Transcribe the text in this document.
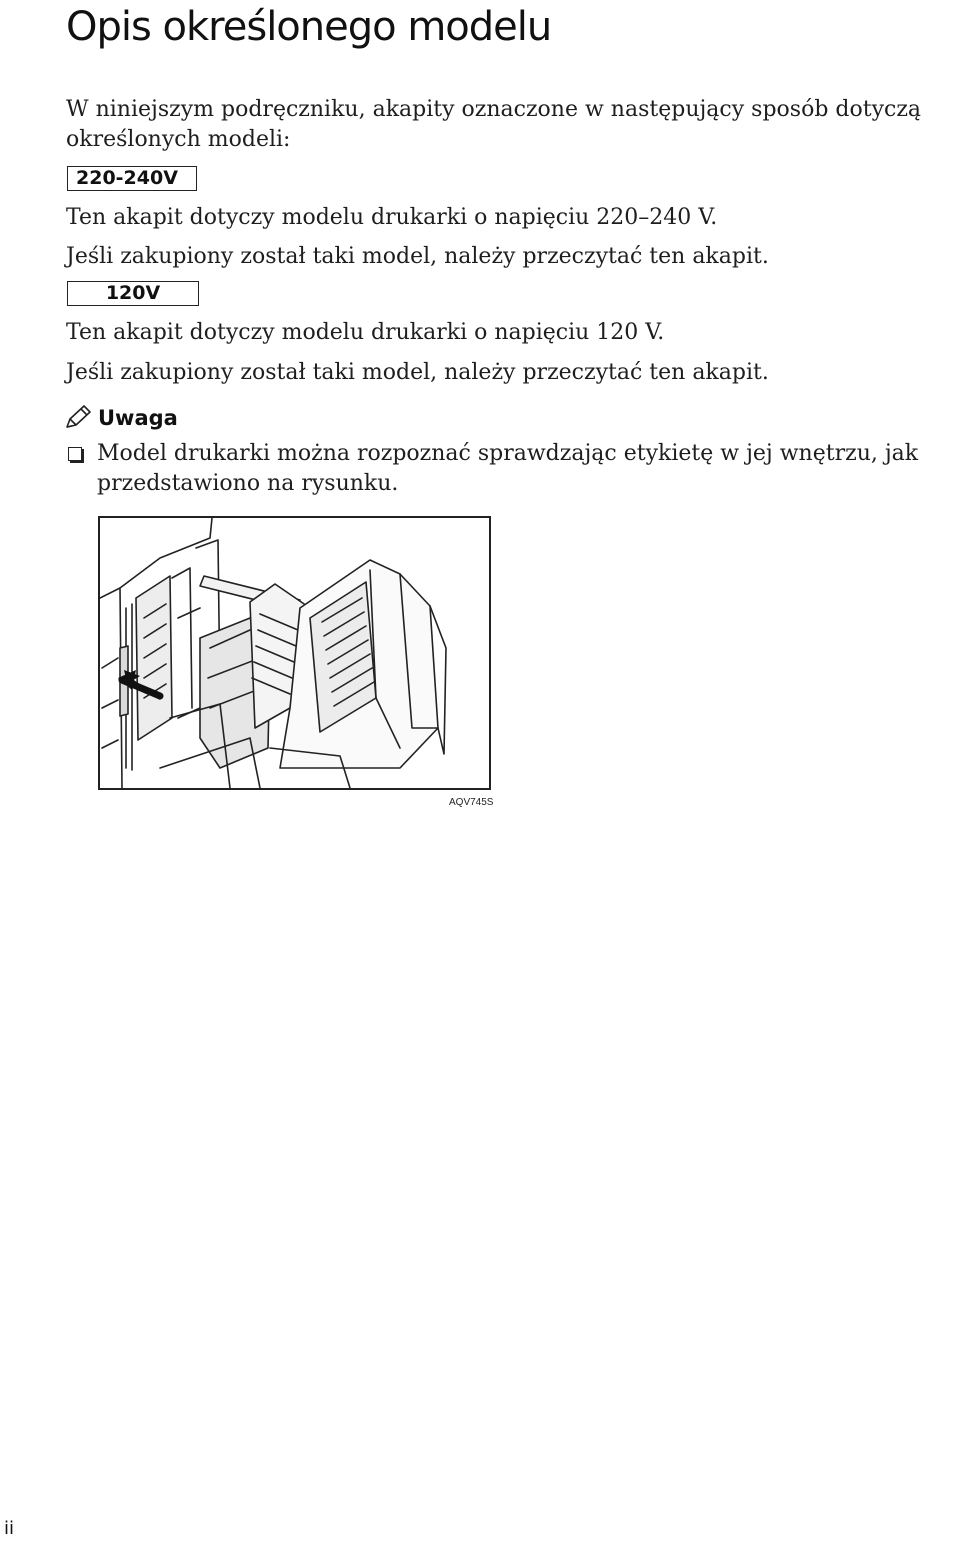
Opis określonego modelu

W niniejszym podręczniku, akapity oznaczone w następujący sposób dotyczą określonych modeli:

220-240V

Ten akapit dotyczy modelu drukarki o napięciu 220–240 V.

Jeśli zakupiony został taki model, należy przeczytać ten akapit.

120V

Ten akapit dotyczy modelu drukarki o napięciu 120 V.

Jeśli zakupiony został taki model, należy przeczytać ten akapit.

Uwaga

Model drukarki można rozpoznać sprawdzając etykietę w jej wnętrzu, jak przedstawiono na rysunku.

AQV745S
ii
